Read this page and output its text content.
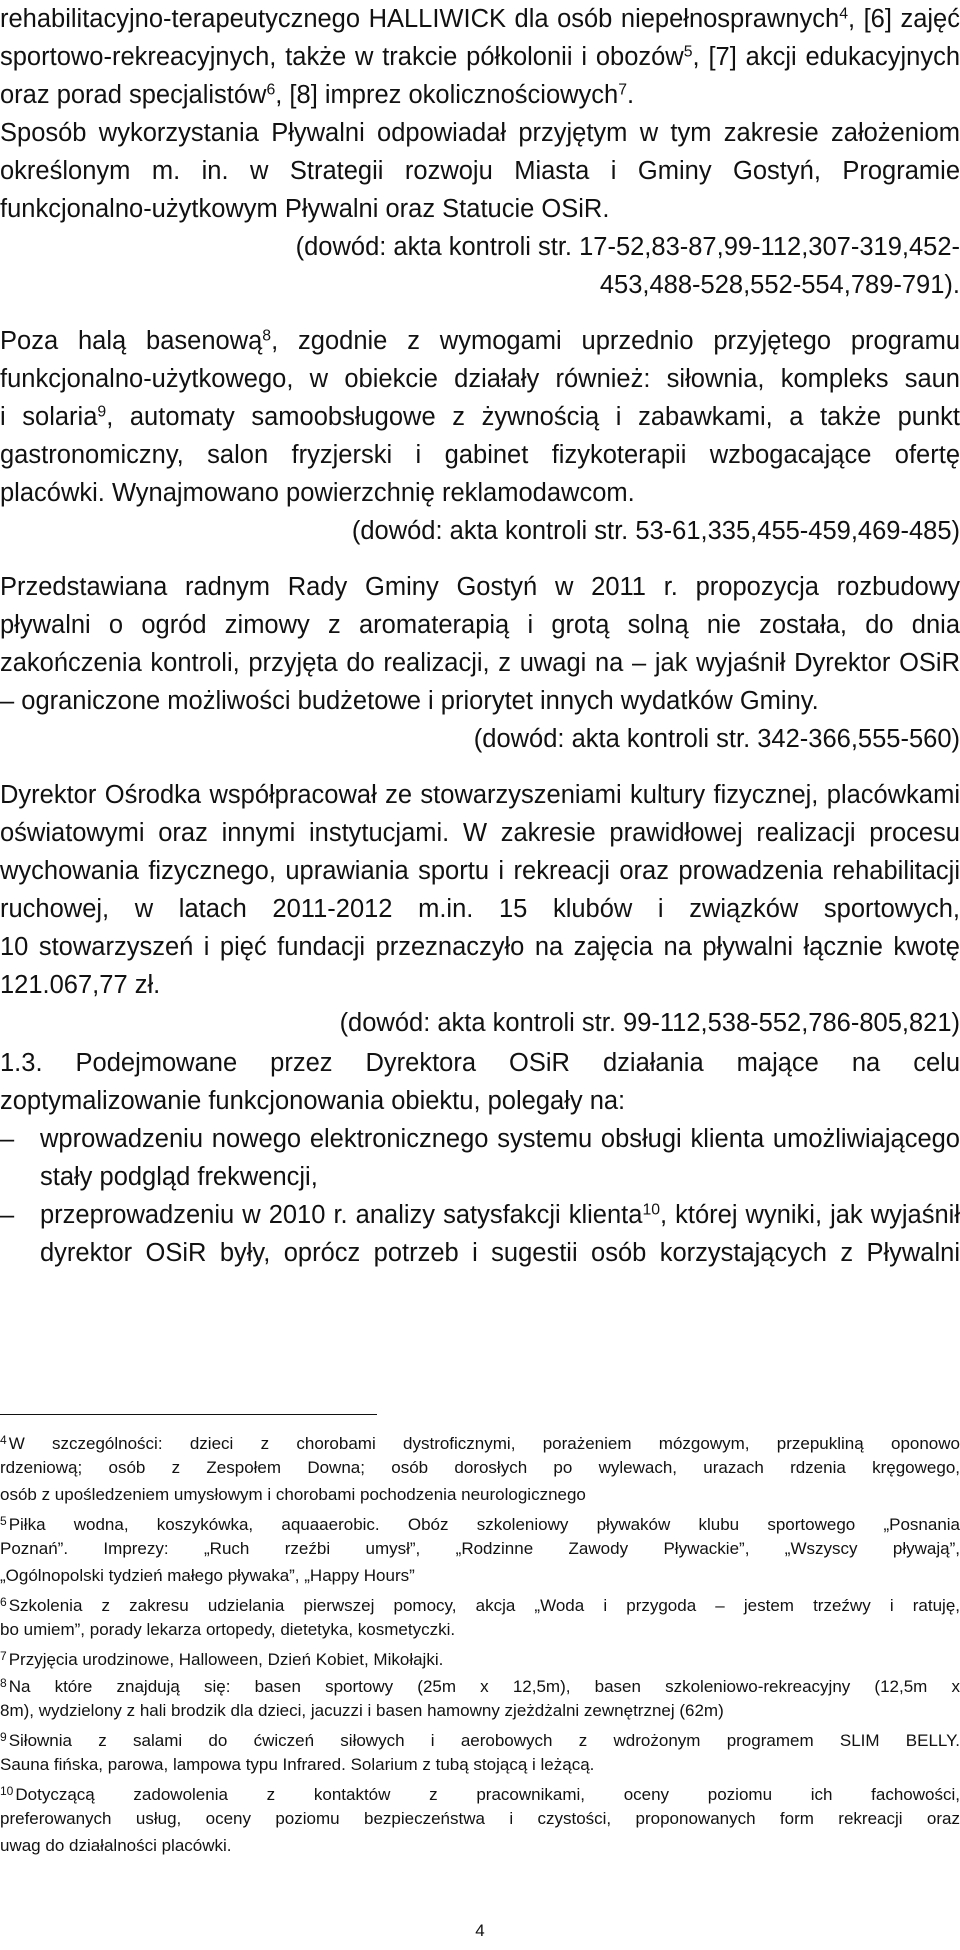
rehabilitacyjno-terapeutycznego HALLIWICK dla osób niepełnosprawnych$^4$, [6] zajęć
sportowo-rekreacyjnych, także w trakcie półkolonii i obozów$^5$, [7] akcji edukacyjnych
oraz porad specjalistów$^6$, [8] imprez okolicznościowych$^7$.
Sposób wykorzystania Pływalni odpowiadał przyjętym w tym zakresie założeniom
określonym m. in. w Strategii rozwoju Miasta i Gminy Gostyń, Programie
funkcjonalno-użytkowym Pływalni oraz Statucie OSiR.
(dowód: akta kontroli str. 17-52,83-87,99-112,307-319,452-
453,488-528,552-554,789-791).
Poza halą basenową$^8$, zgodnie z wymogami uprzednio przyjętego programu
funkcjonalno-użytkowego, w obiekcie działały również: siłownia, kompleks saun
i solaria$^9$, automaty samoobsługowe z żywnością i zabawkami, a także punkt
gastronomiczny, salon fryzjerski i gabinet fizykoterapii wzbogacające ofertę
placówki. Wynajmowano powierzchnię reklamodawcom.
(dowód: akta kontroli str. 53-61,335,455-459,469-485)
Przedstawiana radnym Rady Gminy Gostyń w 2011 r. propozycja rozbudowy
pływalni o ogród zimowy z aromaterapią i grotą solną nie została, do dnia
zakończenia kontroli, przyjęta do realizacji, z uwagi na – jak wyjaśnił Dyrektor OSiR
– ograniczone możliwości budżetowe i priorytet innych wydatków Gminy.
(dowód: akta kontroli str. 342-366,555-560)
Dyrektor Ośrodka współpracował ze stowarzyszeniami kultury fizycznej, placówkami
oświatowymi oraz innymi instytucjami. W zakresie prawidłowej realizacji procesu
wychowania fizycznego, uprawiania sportu i rekreacji oraz prowadzenia rehabilitacji
ruchowej, w latach 2011-2012 m.in. 15 klubów i związków sportowych,
10 stowarzyszeń i pięć fundacji przeznaczyło na zajęcia na pływalni łącznie kwotę
121.067,77 zł.
(dowód: akta kontroli str. 99-112,538-552,786-805,821)
1.3. Podejmowane przez Dyrektora OSiR działania mające na celu
zoptymalizowanie funkcjonowania obiektu, polegały na:
–	wprowadzeniu nowego elektronicznego systemu obsługi klienta umożliwiającego
stały podgląd frekwencji,
–	przeprowadzeniu w 2010 r. analizy satysfakcji klienta$^{10}$, której wyniki, jak wyjaśnił
dyrektor OSiR były, oprócz potrzeb i sugestii osób korzystających z Pływalni
$^4$ W szczególności: dzieci z chorobami dystroficznymi, porażeniem mózgowym, przepukliną oponowo
rdzeniową; osób z Zespołem Downa; osób dorosłych po wylewach, urazach rdzenia kręgowego,
osób z upośledzeniem umysłowym i chorobami pochodzenia neurologicznego
$^5$ Piłka wodna, koszykówka, aquaaerobic. Obóz szkoleniowy pływaków klubu sportowego „Posnania
Poznań”. Imprezy: „Ruch rzeźbi umysł”, „Rodzinne Zawody Pływackie”, „Wszyscy pływają”,
„Ogólnopolski tydzień małego pływaka”, „Happy Hours”
$^6$ Szkolenia z zakresu udzielania pierwszej pomocy, akcja „Woda i przygoda – jestem trzeźwy i ratuję,
bo umiem”, porady lekarza ortopedy, dietetyka, kosmetyczki.
$^7$ Przyjęcia urodzinowe, Halloween, Dzień Kobiet, Mikołajki.
$^8$ Na które znajdują się: basen sportowy (25m x 12,5m), basen szkoleniowo-rekreacyjny (12,5m x
8m), wydzielony z hali brodzik dla dzieci, jacuzzi i basen hamowny zjeżdżalni zewnętrznej (62m)
$^9$ Siłownia z salami do ćwiczeń siłowych i aerobowych z wdrożonym programem SLIM BELLY.
Sauna fińska, parowa, lampowa typu Infrared. Solarium z tubą stojącą i leżącą.
$^{10}$ Dotyczącą zadowolenia z kontaktów z pracownikami, oceny poziomu ich fachowości,
preferowanych usług, oceny poziomu bezpieczeństwa i czystości, proponowanych form rekreacji oraz
uwag do działalności placówki.
4
